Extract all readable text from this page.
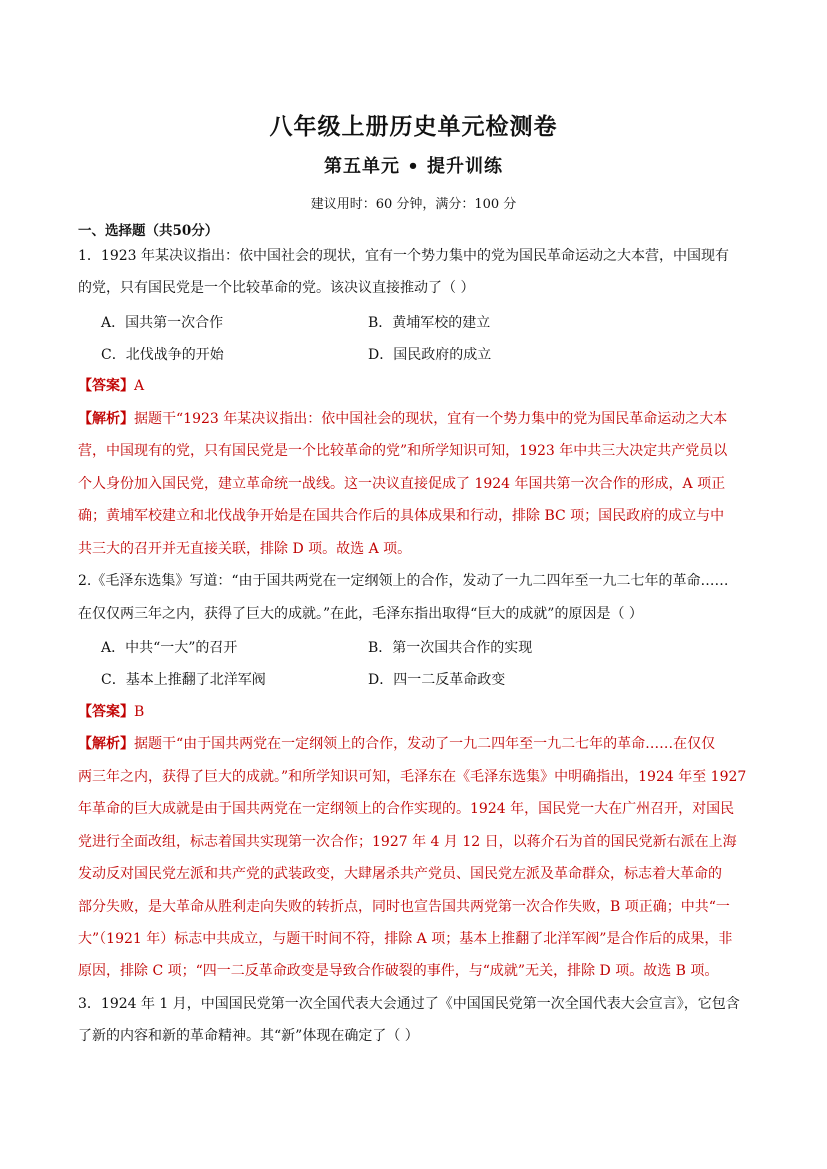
八年级上册历史单元检测卷
第五单元 • 提升训练
建议用时：60 分钟，满分：100 分
一、选择题（共50分）
1．1923 年某决议指出：依中国社会的现状，宜有一个势力集中的党为国民革命运动之大本营，中国现有
的党，只有国民党是一个比较革命的党。该决议直接推动了（ ）
A．国共第一次合作	B．黄埔军校的建立
C．北伐战争的开始	D．国民政府的成立
【答案】A
【解析】据题干“1923 年某决议指出：依中国社会的现状，宜有一个势力集中的党为国民革命运动之大本
营，中国现有的党，只有国民党是一个比较革命的党”和所学知识可知，1923 年中共三大决定共产党员以
个人身份加入国民党，建立革命统一战线。这一决议直接促成了 1924 年国共第一次合作的形成，A 项正
确；黄埔军校建立和北伐战争开始是在国共合作后的具体成果和行动，排除 BC 项；国民政府的成立与中
共三大的召开并无直接关联，排除 D 项。故选 A 项。
2.《毛泽东选集》写道：“由于国共两党在一定纲领上的合作，发动了一九二四年至一九二七年的革命……
在仅仅两三年之内，获得了巨大的成就。”在此，毛泽东指出取得“巨大的成就”的原因是（ ）
A．中共“一大”的召开	B．第一次国共合作的实现
C．基本上推翻了北洋军阀	D．四一二反革命政变
【答案】B
【解析】据题干“由于国共两党在一定纲领上的合作，发动了一九二四年至一九二七年的革命……在仅仅
两三年之内，获得了巨大的成就。”和所学知识可知，毛泽东在《毛泽东选集》中明确指出，1924 年至 1927
年革命的巨大成就是由于国共两党在一定纲领上的合作实现的。1924 年，国民党一大在广州召开，对国民
党进行全面改组，标志着国共实现第一次合作；1927 年 4 月 12 日，以蒋介石为首的国民党新右派在上海
发动反对国民党左派和共产党的武装政变，大肆屠杀共产党员、国民党左派及革命群众，标志着大革命的
部分失败，是大革命从胜利走向失败的转折点，同时也宣告国共两党第一次合作失败，B 项正确；中共“一
大”（1921 年）标志中共成立，与题干时间不符，排除 A 项；基本上推翻了北洋军阀”是合作后的成果，非
原因，排除 C 项；“四一二反革命政变是导致合作破裂的事件，与“成就”无关，排除 D 项。故选 B 项。
3．1924 年 1 月，中国国民党第一次全国代表大会通过了《中国国民党第一次全国代表大会宣言》，它包含
了新的内容和新的革命精神。其“新”体现在确定了（ ）
